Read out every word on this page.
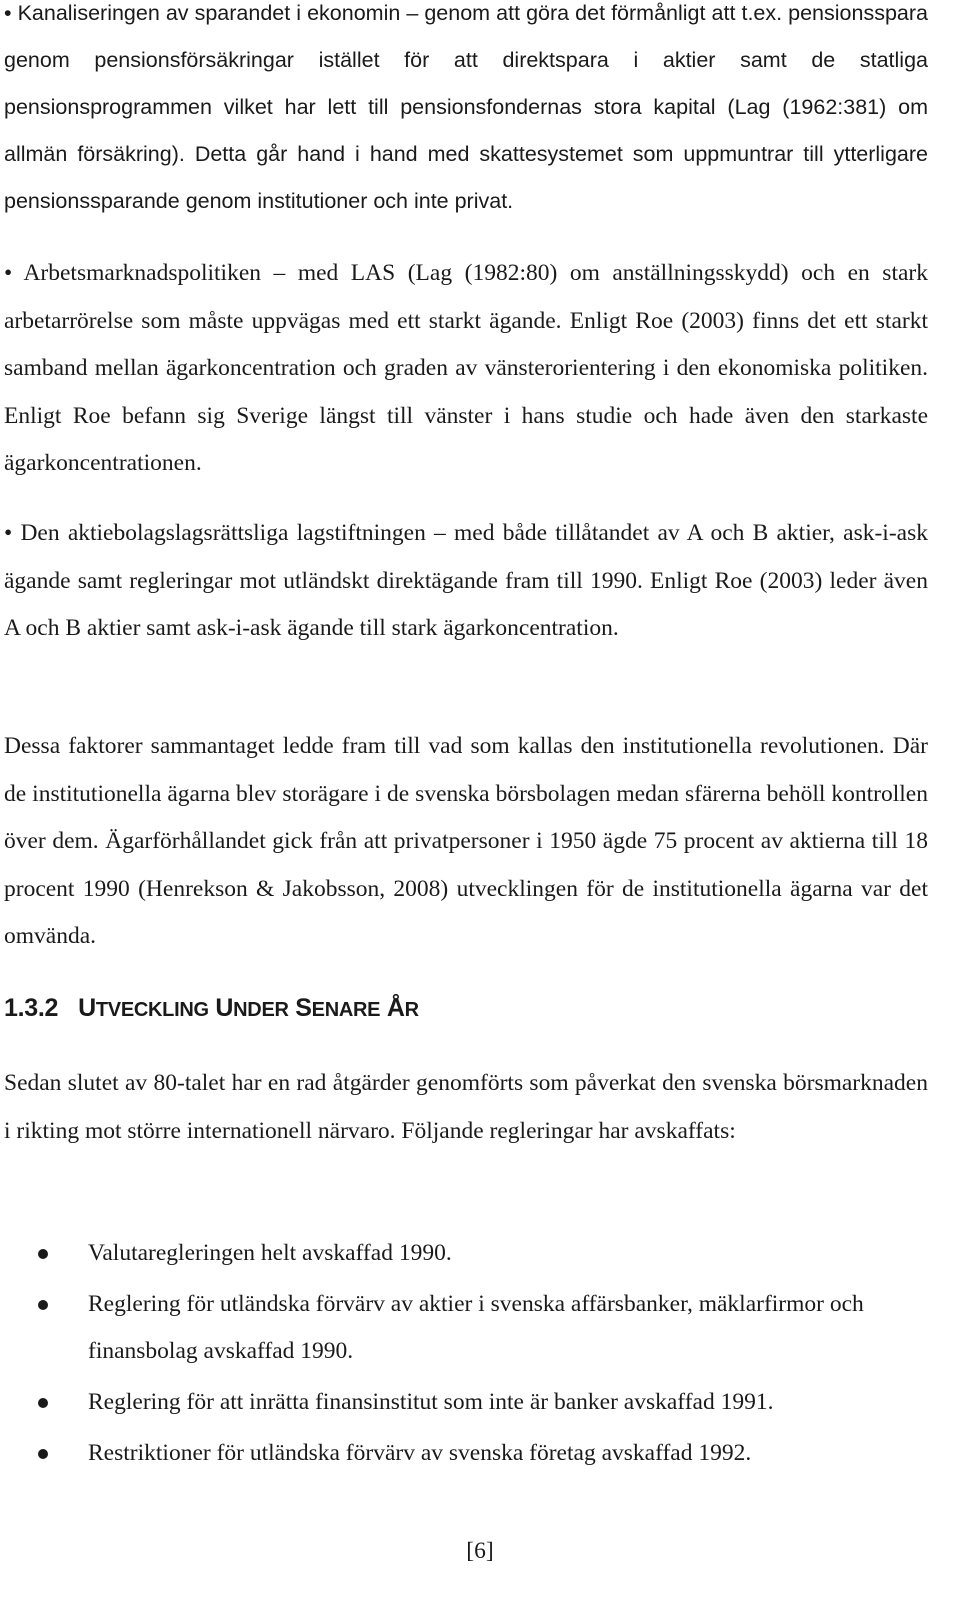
• Kanaliseringen av sparandet i ekonomin – genom att göra det förmånligt att t.ex. pensionsspara genom pensionsförsäkringar istället för att direktspara i aktier samt de statliga pensionsprogrammen vilket har lett till pensionsfondernas stora kapital (Lag (1962:381) om allmän försäkring). Detta går hand i hand med skattesystemet som uppmuntrar till ytterligare pensionssparande genom institutioner och inte privat.

• Arbetsmarknadspolitiken – med LAS (Lag (1982:80) om anställningsskydd) och en stark arbetarrörelse som måste uppvägas med ett starkt ägande. Enligt Roe (2003) finns det ett starkt samband mellan ägarkoncentration och graden av vänsterorientering i den ekonomiska politiken. Enligt Roe befann sig Sverige längst till vänster i hans studie och hade även den starkaste ägarkoncentrationen.

• Den aktiebolagslagsrättsliga lagstiftningen – med både tillåtandet av A och B aktier, ask-i-ask ägande samt regleringar mot utländskt direktägande fram till 1990. Enligt Roe (2003) leder även A och B aktier samt ask-i-ask ägande till stark ägarkoncentration.

Dessa faktorer sammantaget ledde fram till vad som kallas den institutionella revolutionen. Där de institutionella ägarna blev storägare i de svenska börsbolagen medan sfärerna behöll kontrollen över dem. Ägarförhållandet gick från att privatpersoner i 1950 ägde 75 procent av aktierna till 18 procent 1990 (Henrekson & Jakobsson, 2008) utvecklingen för de institutionella ägarna var det omvända.

1.3.2 UTVECKLING UNDER SENARE ÅR

Sedan slutet av 80-talet har en rad åtgärder genomförts som påverkat den svenska börsmarknaden i rikting mot större internationell närvaro. Följande regleringar har avskaffats:

Valutaregleringen helt avskaffad 1990.
Reglering för utländska förvärv av aktier i svenska affärsbanker, mäklarfirmor och finansbolag avskaffad 1990.
Reglering för att inrätta finansinstitut som inte är banker avskaffad 1991.
Restriktioner för utländska förvärv av svenska företag avskaffad 1992.
[6]
